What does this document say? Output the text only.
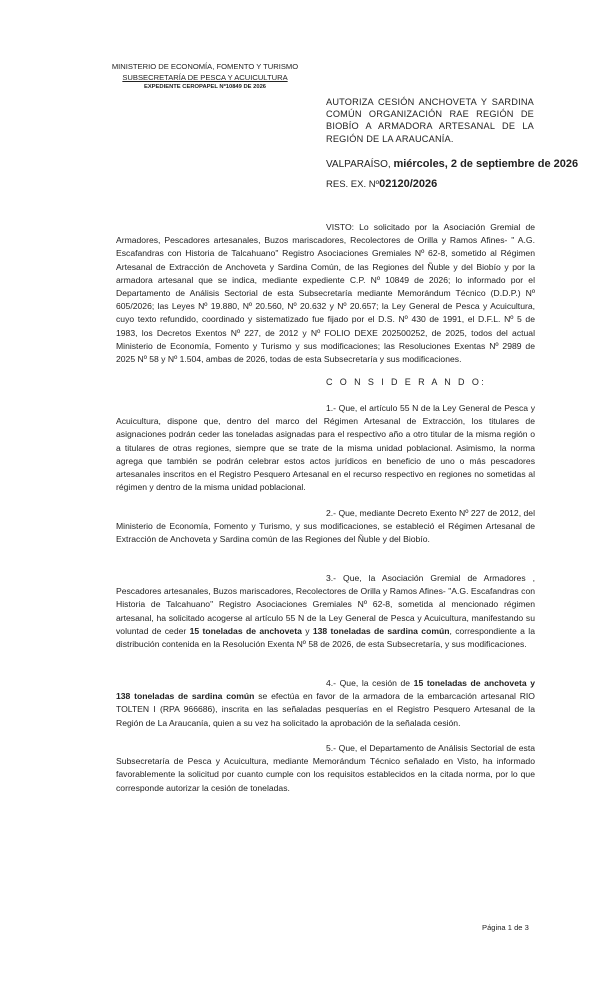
MINISTERIO DE ECONOMÍA, FOMENTO Y TURISMO
SUBSECRETARÍA DE PESCA Y ACUICULTURA
EXPEDIENTE CEROPAPEL Nº10849 DE 2026
AUTORIZA CESIÓN ANCHOVETA Y SARDINA COMÚN ORGANIZACIÓN RAE REGIÓN DE BIOBÍO A ARMADORA ARTESANAL DE LA REGIÓN DE LA ARAUCANÍA.
VALPARAÍSO, miércoles, 2 de septiembre de 2026
RES. EX. Nº02120/2026

VISTO: Lo solicitado por la Asociación Gremial de Armadores, Pescadores artesanales, Buzos mariscadores, Recolectores de Orilla y Ramos Afines- " A.G. Escafandras con Historia de Talcahuano" Registro Asociaciones Gremiales Nº 62-8, sometido al Régimen Artesanal de Extracción de Anchoveta y Sardina Común, de las Regiones del Ñuble y del Biobío y por la armadora artesanal que se indica, mediante expediente C.P. Nº 10849 de 2026; lo informado por el Departamento de Análisis Sectorial de esta Subsecretaría mediante Memorándum Técnico (D.D.P.) Nº 605/2026; las Leyes Nº 19.880, Nº 20.560, Nº 20.632 y Nº 20.657; la Ley General de Pesca y Acuicultura, cuyo texto refundido, coordinado y sistematizado fue fijado por el D.S. Nº 430 de 1991, el D.F.L. Nº 5 de 1983, los Decretos Exentos Nº 227, de 2012 y Nº FOLIO DEXE 202500252, de 2025, todos del actual Ministerio de Economía, Fomento y Turismo y sus modificaciones; las Resoluciones Exentas Nº 2989 de 2025 Nº 58 y Nº 1.504, ambas de 2026, todas de esta Subsecretaría y sus modificaciones.

C O N S I D E R A N D O:

1.- Que, el artículo 55 N de la Ley General de Pesca y Acuicultura, dispone que, dentro del marco del Régimen Artesanal de Extracción, los titulares de asignaciones podrán ceder las toneladas asignadas para el respectivo año a otro titular de la misma región o a titulares de otras regiones, siempre que se trate de la misma unidad poblacional. Asimismo, la norma agrega que también se podrán celebrar estos actos jurídicos en beneficio de uno o más pescadores artesanales inscritos en el Registro Pesquero Artesanal en el recurso respectivo en regiones no sometidas al régimen y dentro de la misma unidad poblacional.

2.- Que, mediante Decreto Exento Nº 227 de 2012, del Ministerio de Economía, Fomento y Turismo, y sus modificaciones, se estableció el Régimen Artesanal de Extracción de Anchoveta y Sardina común de las Regiones del Ñuble y del Biobío.

3.- Que, la Asociación Gremial de Armadores , Pescadores artesanales, Buzos mariscadores, Recolectores de Orilla y Ramos Afines- "A.G. Escafandras con Historia de Talcahuano" Registro Asociaciones Gremiales Nº 62-8, sometida al mencionado régimen artesanal, ha solicitado acogerse al artículo 55 N de la Ley General de Pesca y Acuicultura, manifestando su voluntad de ceder 15 toneladas de anchoveta y 138 toneladas de sardina común, correspondiente a la distribución contenida en la Resolución Exenta Nº 58 de 2026, de esta Subsecretaría, y sus modificaciones.

4.- Que, la cesión de 15 toneladas de anchoveta y 138 toneladas de sardina común se efectúa en favor de la armadora de la embarcación artesanal RIO TOLTEN I (RPA 966686), inscrita en las señaladas pesquerías en el Registro Pesquero Artesanal de la Región de La Araucanía, quien a su vez ha solicitado la aprobación de la señalada cesión.

5.- Que, el Departamento de Análisis Sectorial de esta Subsecretaría de Pesca y Acuicultura, mediante Memorándum Técnico señalado en Visto, ha informado favorablemente la solicitud por cuanto cumple con los requisitos establecidos en la citada norma, por lo que corresponde autorizar la cesión de toneladas.

Página 1 de 3
